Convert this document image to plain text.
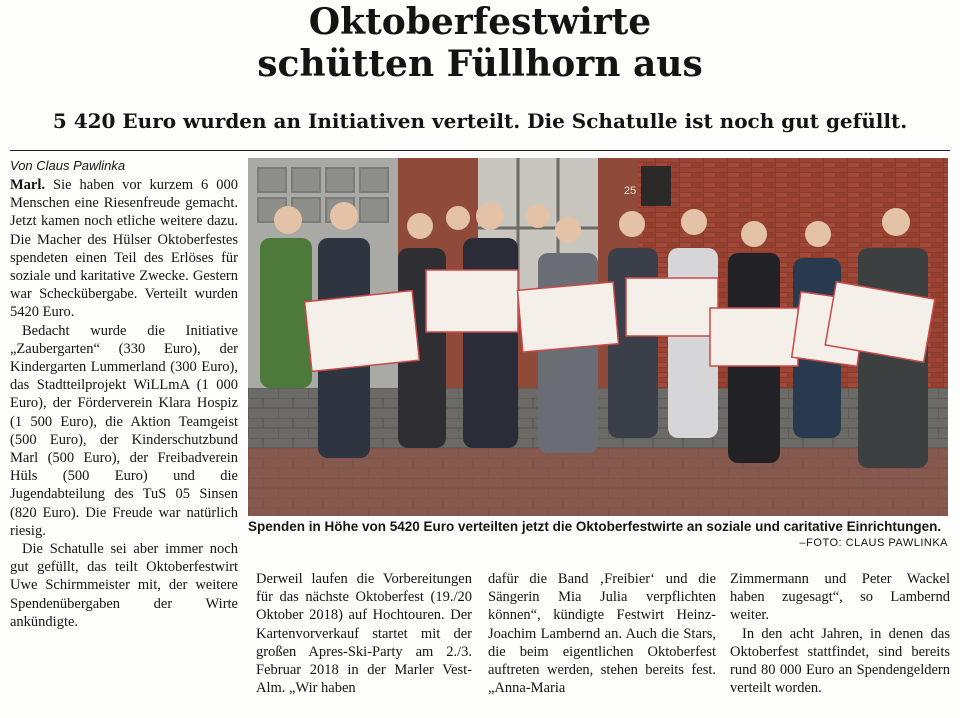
Oktoberfestwirte
schütten Füllhorn aus
5 420 Euro wurden an Initiativen verteilt. Die Schatulle ist noch gut gefüllt.
Von Claus Pawlinka

Marl. Sie haben vor kurzem 6 000 Menschen eine Riesenfreude gemacht. Jetzt kamen noch etliche weitere dazu. Die Macher des Hülser Oktoberfestes spendeten einen Teil des Erlöses für soziale und karitative Zwecke. Gestern war Scheckübergabe. Verteilt wurden 5420 Euro.

Bedacht wurde die Initiative „Zaubergarten“ (330 Euro), der Kindergarten Lummerland (300 Euro), das Stadtteilprojekt WiLLmA (1 000 Euro), der Förderverein Klara Hospiz (1 500 Euro), die Aktion Teamgeist (500 Euro), der Kinderschutzbund Marl (500 Euro), der Freibadverein Hüls (500 Euro) und die Jugendabteilung des TuS 05 Sinsen (820 Euro). Die Freude war natürlich riesig.

Die Schatulle sei aber immer noch gut gefüllt, das teilt Oktoberfestwirt Uwe Schirmmeister mit, der weitere Spendenübergaben der Wirte ankündigte.

25
Spenden in Höhe von 5420 Euro verteilten jetzt die Oktoberfestwirte an soziale und caritative Einrichtungen.
–FOTO: CLAUS PAWLINKA

Derweil laufen die Vorbereitungen für das nächste Oktoberfest (19./20 Oktober 2018) auf Hochtouren. Der Kartenvorverkauf startet mit der großen Apres-Ski-Party am 2./3. Februar 2018 in der Marler Vest-Alm. „Wir haben

dafür die Band ‚Freibier‘ und die Sängerin Mia Julia verpflichten können“, kündigte Festwirt Heinz-Joachim Lambernd an. Auch die Stars, die beim eigentlichen Oktoberfest auftreten werden, stehen bereits fest. „Anna-Maria

Zimmermann und Peter Wackel haben zugesagt“, so Lambernd weiter.

In den acht Jahren, in denen das Oktoberfest stattfindet, sind bereits rund 80 000 Euro an Spendengeldern verteilt worden.
